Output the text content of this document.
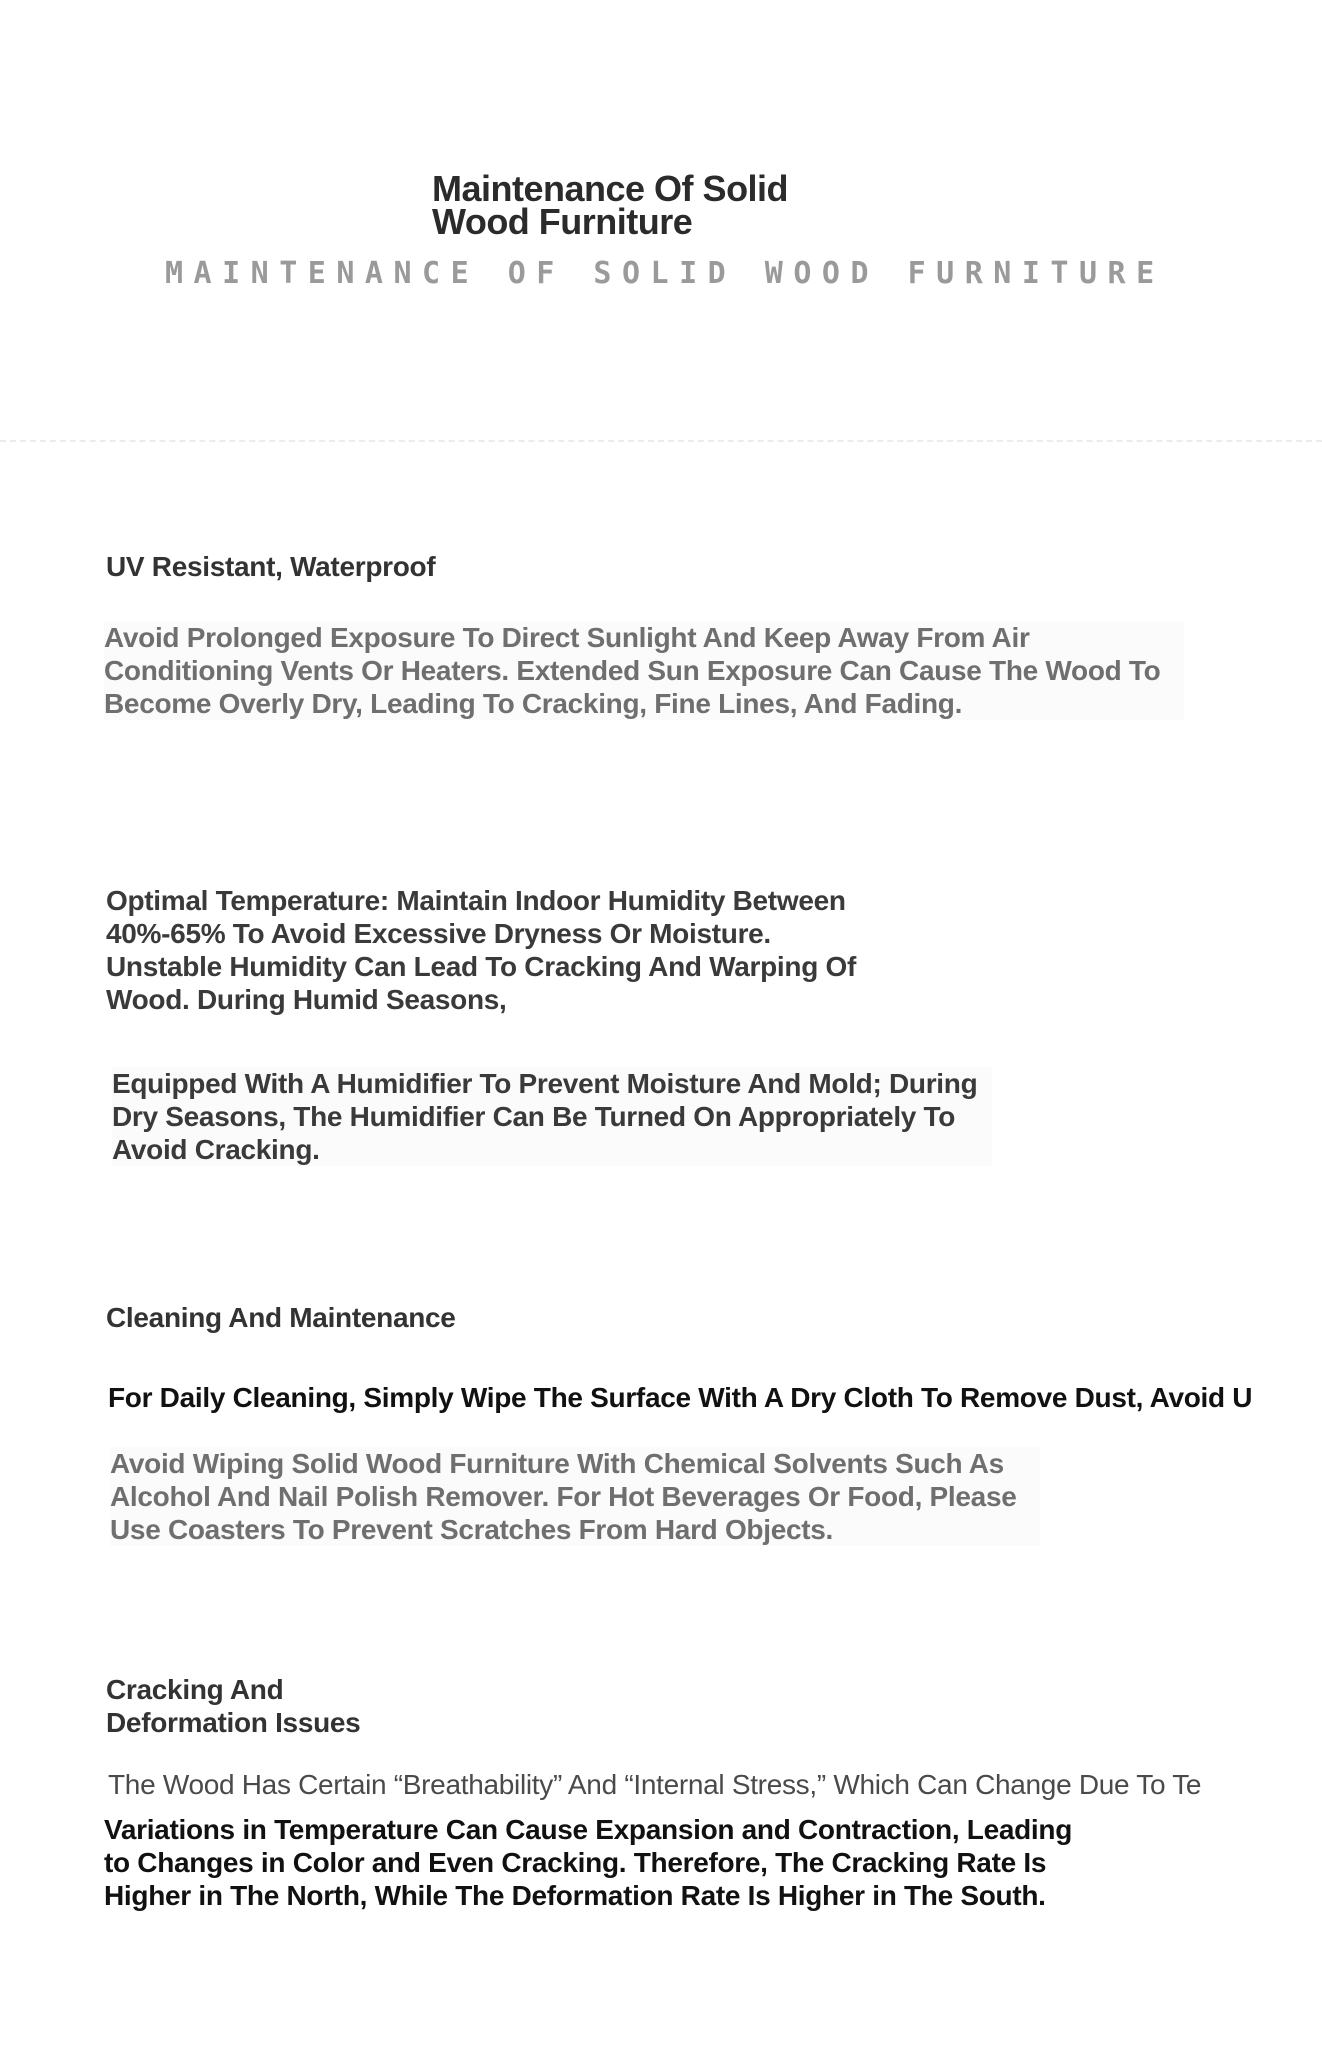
Maintenance Of Solid Wood Furniture
MAINTENANCE OF SOLID WOOD FURNITURE
UV Resistant, Waterproof
Avoid Prolonged Exposure To Direct Sunlight And Keep Away From Air Conditioning Vents Or Heaters. Extended Sun Exposure Can Cause The Wood To Become Overly Dry, Leading To Cracking, Fine Lines, And Fading.
Optimal Temperature: Maintain Indoor Humidity Between 40%-65% To Avoid Excessive Dryness Or Moisture. Unstable Humidity Can Lead To Cracking And Warping Of Wood. During Humid Seasons,
Equipped With A Humidifier To Prevent Moisture And Mold; During Dry Seasons, The Humidifier Can Be Turned On Appropriately To Avoid Cracking.
Cleaning And Maintenance
For Daily Cleaning, Simply Wipe The Surface With A Dry Cloth To Remove Dust, Avoid U
Avoid Wiping Solid Wood Furniture With Chemical Solvents Such As Alcohol And Nail Polish Remover. For Hot Beverages Or Food, Please Use Coasters To Prevent Scratches From Hard Objects.
Cracking And Deformation Issues
The Wood Has Certain “Breathability” And “Internal Stress,” Which Can Change Due To Te
Variations in Temperature Can Cause Expansion and Contraction, Leading to Changes in Color and Even Cracking. Therefore, The Cracking Rate Is Higher in The North, While The Deformation Rate Is Higher in The South.
